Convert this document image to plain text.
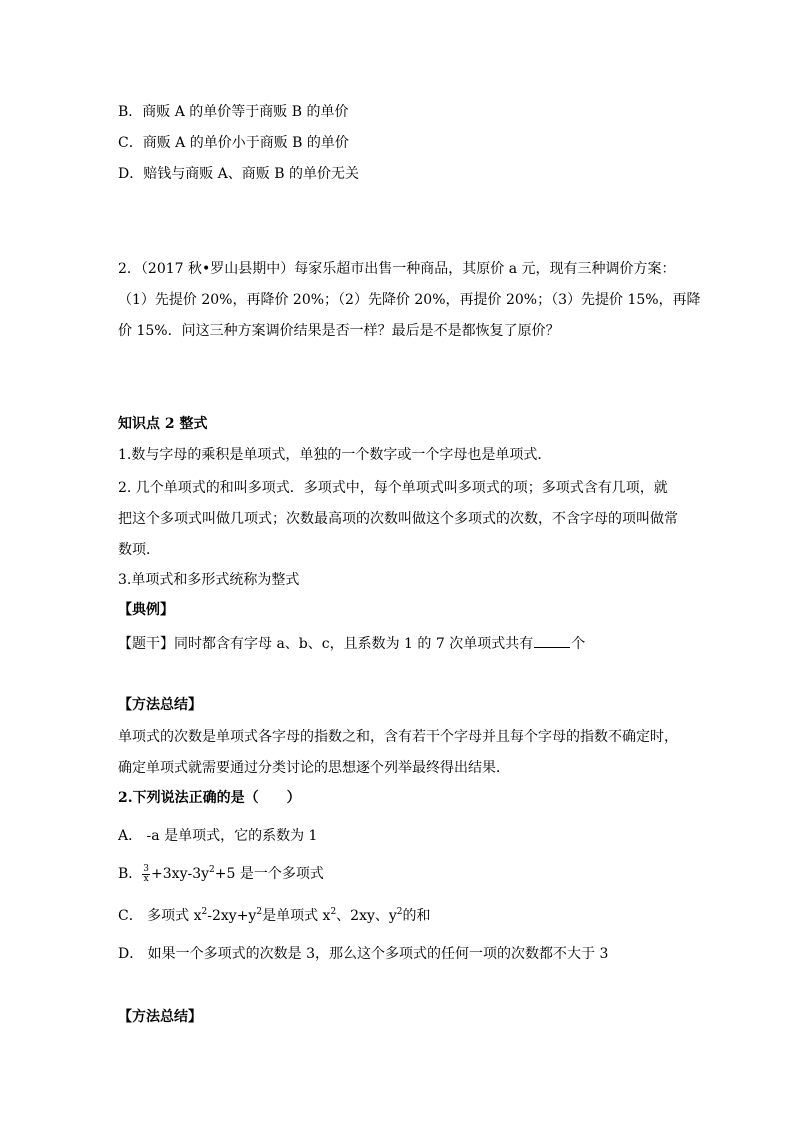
B．商贩 A 的单价等于商贩 B 的单价
C．商贩 A 的单价小于商贩 B 的单价
D．赔钱与商贩 A、商贩 B 的单价无关
2．（2017 秋•罗山县期中）每家乐超市出售一种商品，其原价 a 元，现有三种调价方案：
（1）先提价 20%，再降价 20%；（2）先降价 20%，再提价 20%；（3）先提价 15%，再降
价 15%．问这三种方案调价结果是否一样？最后是不是都恢复了原价？
知识点 2 整式
1.数与字母的乘积是单项式，单独的一个数字或一个字母也是单项式．
2. 几个单项式的和叫多项式．多项式中，每个单项式叫多项式的项；多项式含有几项，就
把这个多项式叫做几项式；次数最高项的次数叫做这个多项式的次数，不含字母的项叫做常
数项．
3.单项式和多形式统称为整式
【典例】
【题干】同时都含有字母 a、b、c，且系数为 1 的 7 次单项式共有	个
【方法总结】
单项式的次数是单项式各字母的指数之和，含有若干个字母并且每个字母的指数不确定时，
确定单项式就需要通过分类讨论的思想逐个列举最终得出结果．
2.下列说法正确的是（　　）
A． -a 是单项式，它的系数为 1
B． $\frac{3}{x} +3xy-3y^2+5$ 是一个多项式
C． 多项式 $x^2-2xy+y^2$是单项式 $x^2$、2xy、$y^2$的和
D． 如果一个多项式的次数是 3，那么这个多项式的任何一项的次数都不大于 3
【方法总结】
